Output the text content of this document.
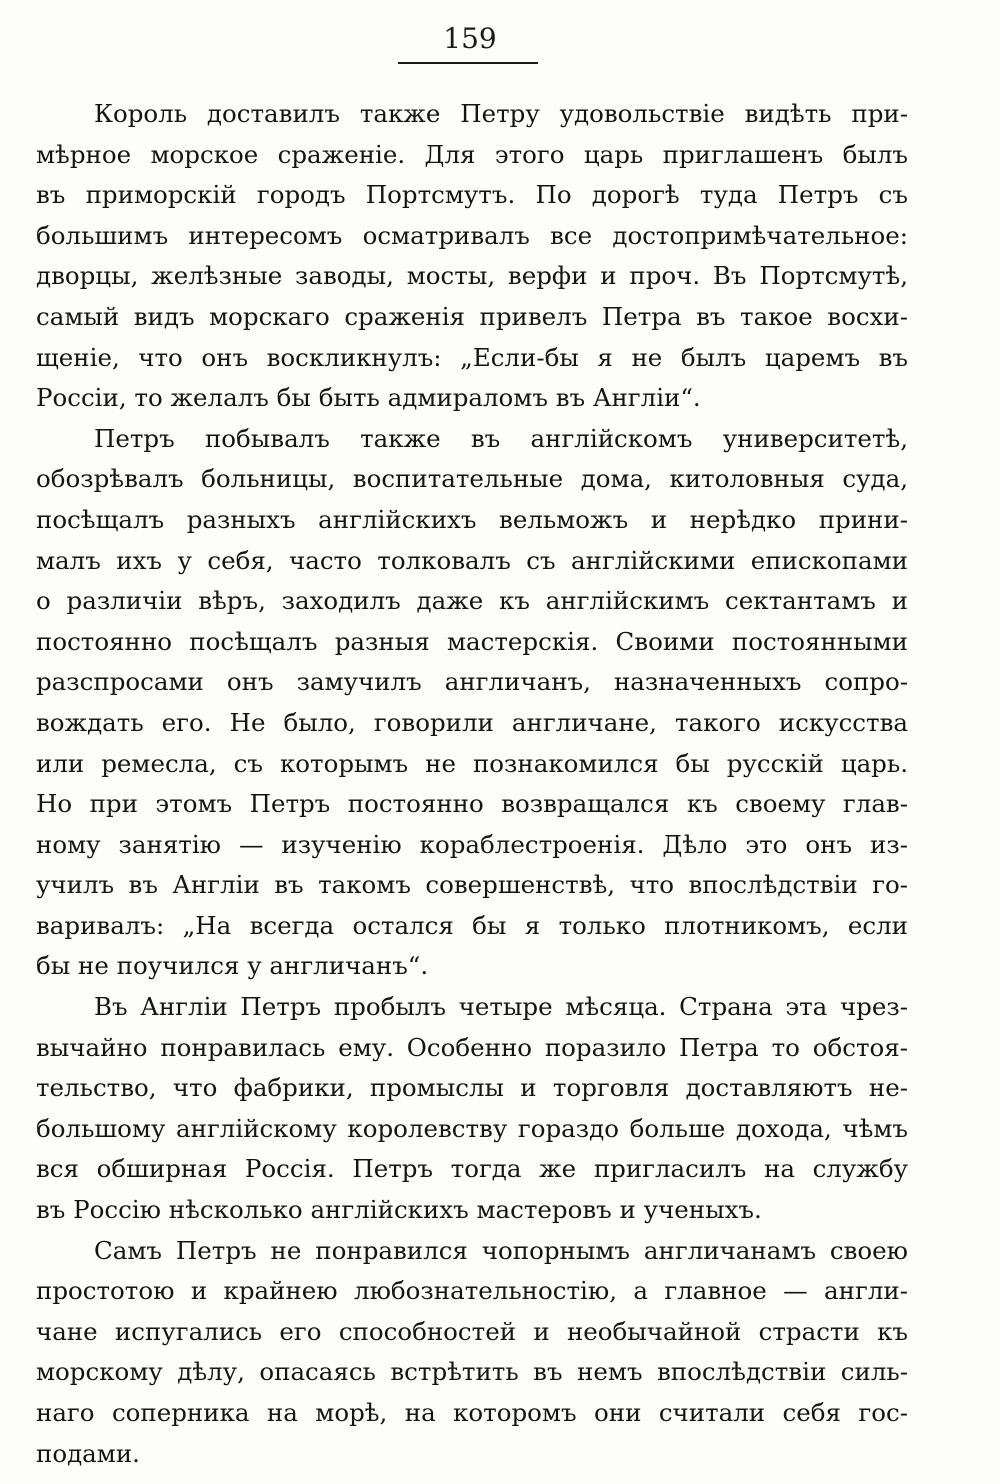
159
Король доставилъ также Петру удовольствіе видѣть при-
мѣрное морское сраженіе. Для этого царь приглашенъ былъ
въ приморскій городъ Портсмутъ. По дорогѣ туда Петръ съ
большимъ интересомъ осматривалъ все достопримѣчательное:
дворцы, желѣзные заводы, мосты, верфи и проч. Въ Портсмутѣ,
самый видъ морскаго сраженія привелъ Петра въ такое восхи-
щеніе, что онъ воскликнулъ: „Если-бы я не былъ царемъ въ
Россіи, то желалъ бы быть адмираломъ въ Англіи“.
Петръ побывалъ также въ англійскомъ университетѣ,
обозрѣвалъ больницы, воспитательные дома, китоловныя суда,
посѣщалъ разныхъ англійскихъ вельможъ и нерѣдко прини-
малъ ихъ у себя, часто толковалъ съ англійскими епископами
о различіи вѣръ, заходилъ даже къ англійскимъ сектантамъ и
постоянно посѣщалъ разныя мастерскія. Своими постоянными
разспросами онъ замучилъ англичанъ, назначенныхъ сопро-
вождать его. Не было, говорили англичане, такого искусства
или ремесла, съ которымъ не познакомился бы русскій царь.
Но при этомъ Петръ постоянно возвращался къ своему глав-
ному занятію — изученію кораблестроенія. Дѣло это онъ из-
училъ въ Англіи въ такомъ совершенствѣ, что впослѣдствіи го-
варивалъ: „На всегда остался бы я только плотникомъ, если
бы не поучился у англичанъ“.
Въ Англіи Петръ пробылъ четыре мѣсяца. Страна эта чрез-
вычайно понравилась ему. Особенно поразило Петра то обстоя-
тельство, что фабрики, промыслы и торговля доставляютъ не-
большому англійскому королевству гораздо больше дохода, чѣмъ
вся обширная Россія. Петръ тогда же пригласилъ на службу
въ Россію нѣсколько англійскихъ мастеровъ и ученыхъ.
Самъ Петръ не понравился чопорнымъ англичанамъ своею
простотою и крайнею любознательностію, а главное — англи-
чане испугались его способностей и необычайной страсти къ
морскому дѣлу, опасаясь встрѣтить въ немъ впослѣдствіи силь-
наго соперника на морѣ, на которомъ они считали себя гос-
подами.
